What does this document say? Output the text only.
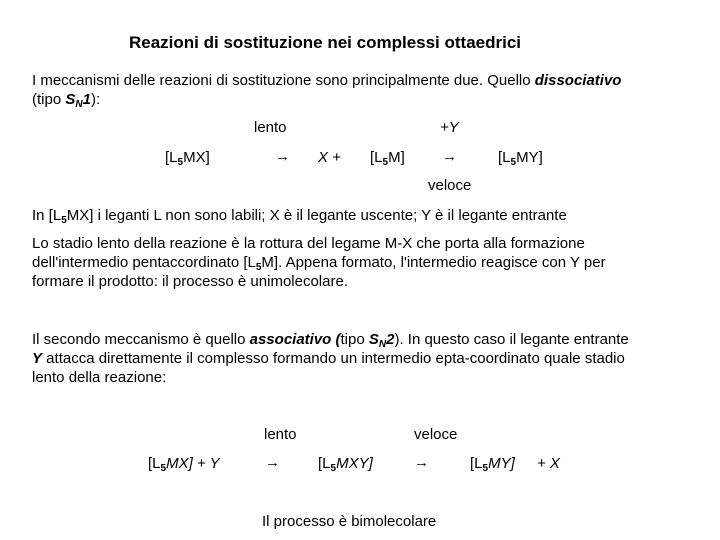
Reazioni di sostituzione nei complessi ottaedrici
I meccanismi delle reazioni di sostituzione sono principalmente due. Quello dissociativo
(tipo $S_N1$):
lento	+Y
$[L_5MX]$	→ $X + [L_5M]$ →	$[L_5MY]$
veloce
In $[L_5MX]$ i leganti L non sono labili; X è il legante uscente; Y è il legante entrante
Lo stadio lento della reazione è la rottura del legame M-X che porta alla formazione
dell'intermedio pentaccordinato $[L_5M]$. Appena formato, l'intermedio reagisce con Y per
formare il prodotto: il processo è unimolecolare.
Il secondo meccanismo è quello associativo (tipo $S_N2$). In questo caso il legante entrante
Y attacca direttamente il complesso formando un intermedio epta-coordinato quale stadio
lento della reazione:
lento	veloce
$[L_5MX] + Y$	→	$[L_5MXY]$	→	$[L_5MY] + X$
Il processo è bimolecolare
